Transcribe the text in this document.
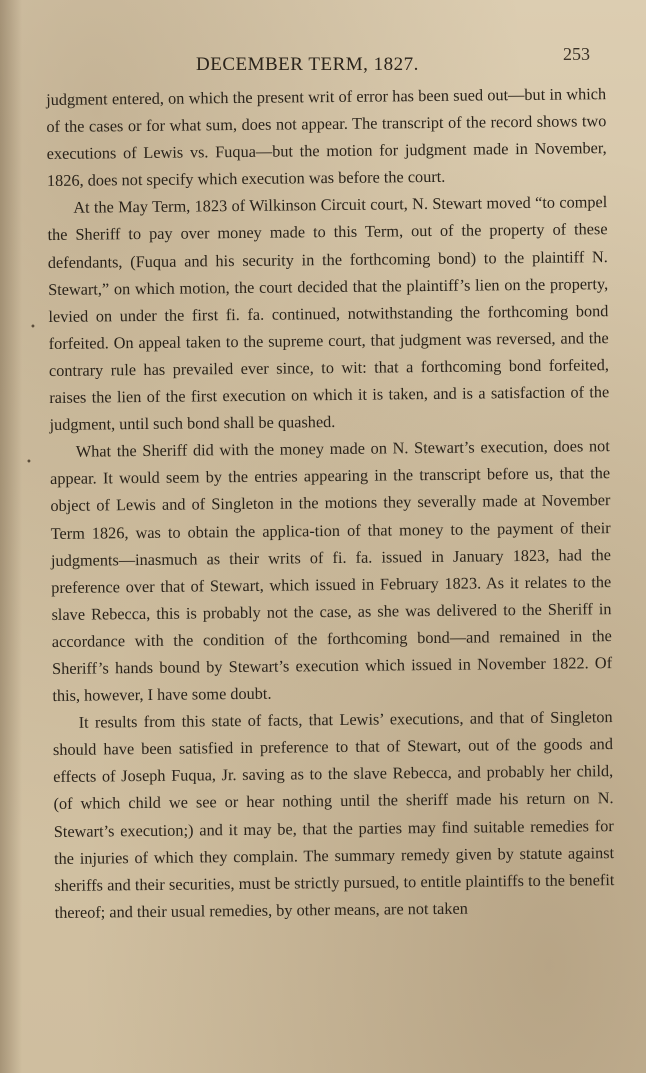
DECEMBER TERM, 1827.	253
•
•

judgment entered, on which the present writ of error has been sued out—but in which of the cases or for what sum, does not appear. The transcript of the record shows two executions of Lewis vs. Fuqua—but the motion for judgment made in November, 1826, does not specify which execution was before the court.

At the May Term, 1823 of Wilkinson Circuit court, N. Stewart moved “to compel the Sheriff to pay over money made to this Term, out of the property of these defendants, (Fuqua and his security in the forthcoming bond) to the plaintiff N. Stewart,” on which motion, the court decided that the plaintiff’s lien on the property, levied on under the first fi. fa. continued, notwithstanding the forthcoming bond forfeited. On appeal taken to the supreme court, that judgment was reversed, and the contrary rule has prevailed ever since, to wit: that a forthcoming bond forfeited, raises the lien of the first execution on which it is taken, and is a satisfaction of the judgment, until such bond shall be quashed.

What the Sheriff did with the money made on N. Stewart’s execution, does not appear. It would seem by the entries appearing in the transcript before us, that the object of Lewis and of Singleton in the motions they severally made at November Term 1826, was to obtain the applica-tion of that money to the payment of their judgments—inasmuch as their writs of fi. fa. issued in January 1823, had the preference over that of Stewart, which issued in February 1823. As it relates to the slave Rebecca, this is probably not the case, as she was delivered to the Sheriff in accordance with the condition of the forthcoming bond—and remained in the Sheriff’s hands bound by Stewart’s execution which issued in November 1822. Of this, however, I have some doubt.

It results from this state of facts, that Lewis’ executions, and that of Singleton should have been satisfied in preference to that of Stewart, out of the goods and effects of Joseph Fuqua, Jr. saving as to the slave Rebecca, and probably her child, (of which child we see or hear nothing until the sheriff made his return on N. Stewart’s execution;) and it may be, that the parties may find suitable remedies for the injuries of which they complain. The summary remedy given by statute against sheriffs and their securities, must be strictly pursued, to entitle plaintiffs to the benefit thereof; and their usual remedies, by other means, are not taken
